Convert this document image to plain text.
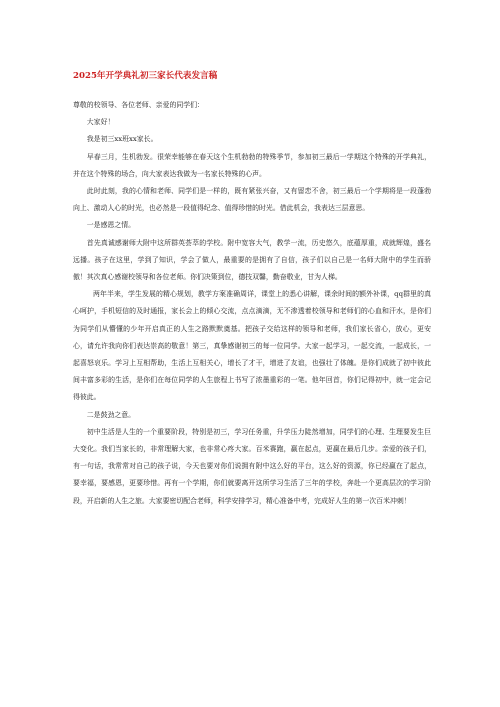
2025年开学典礼初三家长代表发言稿

尊敬的校领导、各位老师、亲爱的同学们：

大家好！

我是初三xx班xx家长。

早春三月，生机勃发。很荣幸能够在春天这个生机勃勃的特殊季节，参加初三最后一学期这个特殊的开学典礼，并在这个特殊的场合，向大家表达我做为一名家长特殊的心声。

此时此刻，我的心情和老师、同学们是一样的，既有紧张兴奋，又有留恋不舍，初三最后一个学期将是一段蓬勃向上、激动人心的时光，也必然是一段值得纪念、值得珍惜的时光。借此机会，我表达三层意思。

一是感恩之情。

首先真诚感谢师大附中这所群英荟萃的学校。附中宽容大气，教学一流，历史悠久，底蕴厚重，成就辉煌，盛名远播。孩子在这里，学到了知识，学会了做人，最重要的是拥有了自信，孩子们以自己是一名师大附中的学生而骄傲！其次真心感谢校领导和各位老师。你们决策到位，德技双馨，勤奋敬业，甘为人梯。

两年半来，学生发展的精心规划，教学方案准确周详，课堂上的悉心讲解，课余时间的额外补课，qq群里的真心呵护，手机短信的及时通报，家长会上的倾心交流，点点滴滴，无不渗透着校领导和老师们的心血和汗水，是你们为同学们从懵懂的少年开启真正的人生之路默默奠基。把孩子交给这样的领导和老师，我们家长省心，放心，更安心，请允许我向你们表达崇高的敬意！第三，真挚感谢初三的每一位同学。大家一起学习，一起交流，一起成长，一起喜怒哀乐。学习上互相帮助，生活上互相关心，增长了才干，增进了友谊，也强壮了体魄。是你们成就了初中彼此间丰富多彩的生活，是你们在每位同学的人生旅程上书写了浓墨重彩的一笔。他年回首，你们记得初中，就一定会记得彼此。

二是鼓劲之意。

初中生活是人生的一个重要阶段，特别是初三，学习任务重，升学压力陡然增加，同学们的心理、生理要发生巨大变化。我们当家长的，非常理解大家，也非常心疼大家。百米赛跑，赢在起点，更赢在最后几步。亲爱的孩子们，有一句话，我常常对自己的孩子说，今天也要对你们说拥有附中这么好的平台，这么好的资源，你已经赢在了起点，要幸福，要感恩，更要珍惜。再有一个学期，你们就要离开这所学习生活了三年的学校，奔赴一个更高层次的学习阶段，开启新的人生之旅。大家要密切配合老师，科学安排学习，精心准备中考，完成好人生的第一次百米冲刺！
